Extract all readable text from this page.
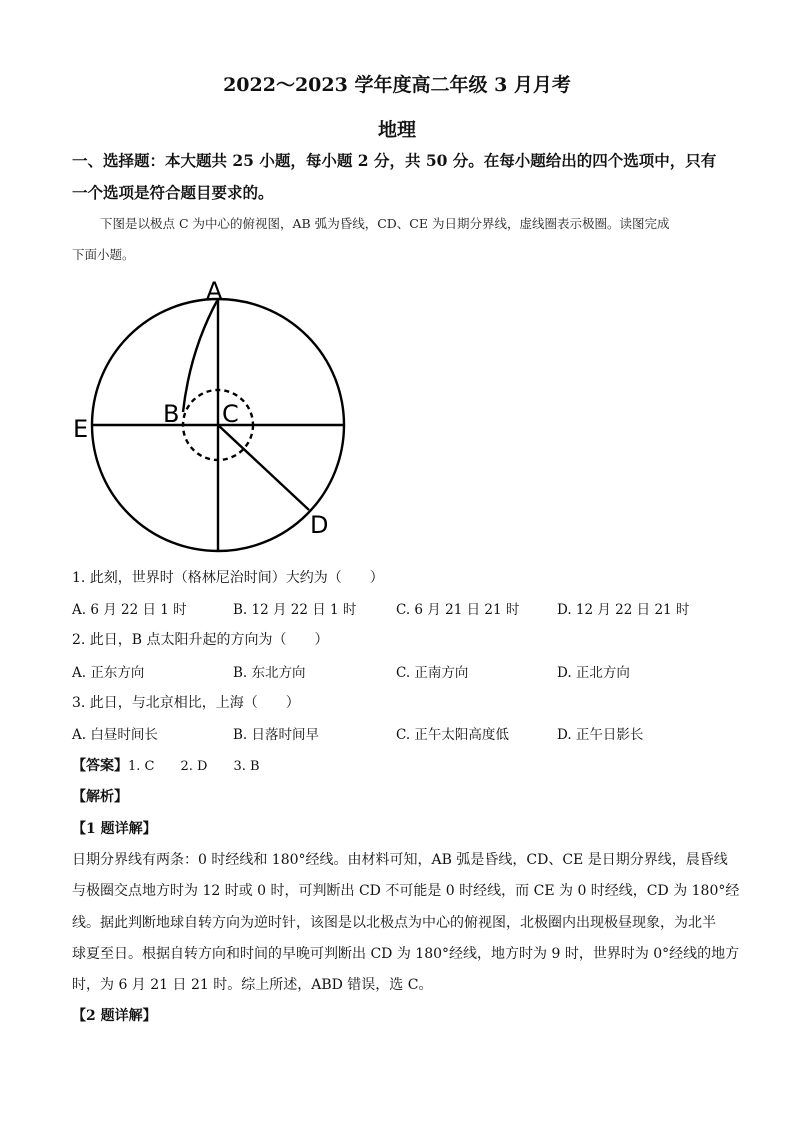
2022～2023 学年度高二年级 3 月月考
地理
一、选择题：本大题共 25 小题，每小题 2 分，共 50 分。在每小题给出的四个选项中，只有
一个选项是符合题目要求的。
下图是以极点 C 为中心的俯视图，AB 弧为昏线，CD、CE 为日期分界线，虚线圈表示极圈。读图完成
下面小题。
A
B C
D
E
1. 此刻，世界时（格林尼治时间）大约为（　　）
A. 6 月 22 日 1 时	B. 12 月 22 日 1 时	C. 6 月 21 日 21 时	D. 12 月 22 日 21 时
2. 此日，B 点太阳升起的方向为（　　）
A. 正东方向	B. 东北方向	C. 正南方向	D. 正北方向
3. 此日，与北京相比，上海（　　）
A. 白昼时间长	B. 日落时间早	C. 正午太阳高度低	D. 正午日影长
【答案】1. C　　2. D　　3. B
【解析】
【1 题详解】
日期分界线有两条：0 时经线和 180°经线。由材料可知，AB 弧是昏线，CD、CE 是日期分界线，晨昏线
与极圈交点地方时为 12 时或 0 时，可判断出 CD 不可能是 0 时经线，而 CE 为 0 时经线，CD 为 180°经
线。据此判断地球自转方向为逆时针，该图是以北极点为中心的俯视图，北极圈内出现极昼现象，为北半
球夏至日。根据自转方向和时间的早晚可判断出 CD 为 180°经线，地方时为 9 时，世界时为 0°经线的地方
时，为 6 月 21 日 21 时。综上所述，ABD 错误，选 C。
【2 题详解】
